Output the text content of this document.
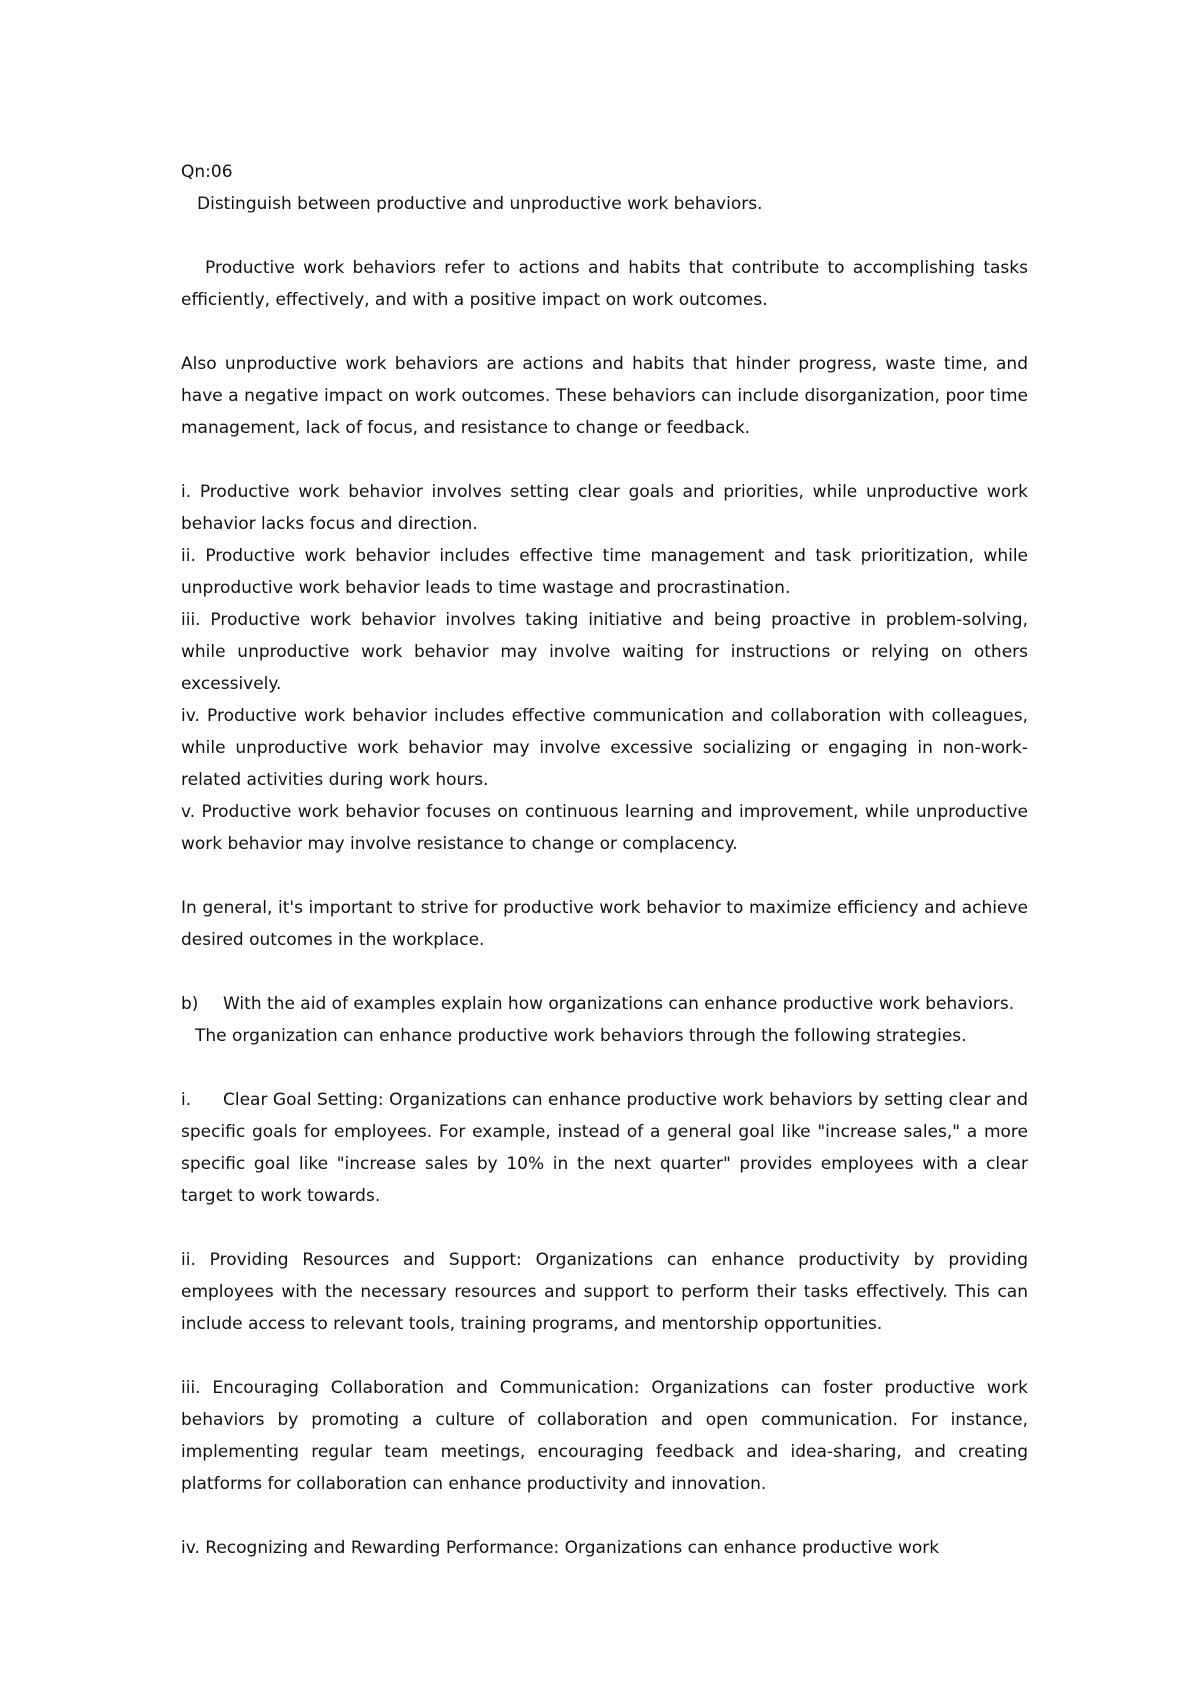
Qn:06

Distinguish between productive and unproductive work behaviors.

Productive work behaviors refer to actions and habits that contribute to accomplishing tasks efficiently, effectively, and with a positive impact on work outcomes.

Also unproductive work behaviors are actions and habits that hinder progress, waste time, and have a negative impact on work outcomes. These behaviors can include disorganization, poor time management, lack of focus, and resistance to change or feedback.

i. Productive work behavior involves setting clear goals and priorities, while unproductive work behavior lacks focus and direction.

ii. Productive work behavior includes effective time management and task prioritization, while unproductive work behavior leads to time wastage and procrastination.

iii. Productive work behavior involves taking initiative and being proactive in problem-solving, while unproductive work behavior may involve waiting for instructions or relying on others excessively.

iv. Productive work behavior includes effective communication and collaboration with colleagues, while unproductive work behavior may involve excessive socializing or engaging in non-work-related activities during work hours.

v. Productive work behavior focuses on continuous learning and improvement, while unproductive work behavior may involve resistance to change or complacency.

In general, it's important to strive for productive work behavior to maximize efficiency and achieve desired outcomes in the workplace.

b) With the aid of examples explain how organizations can enhance productive work behaviors.

The organization can enhance productive work behaviors through the following strategies.

i. Clear Goal Setting: Organizations can enhance productive work behaviors by setting clear and specific goals for employees. For example, instead of a general goal like "increase sales," a more specific goal like "increase sales by 10% in the next quarter" provides employees with a clear target to work towards.

ii. Providing Resources and Support: Organizations can enhance productivity by providing employees with the necessary resources and support to perform their tasks effectively. This can include access to relevant tools, training programs, and mentorship opportunities.

iii. Encouraging Collaboration and Communication: Organizations can foster productive work behaviors by promoting a culture of collaboration and open communication. For instance, implementing regular team meetings, encouraging feedback and idea-sharing, and creating platforms for collaboration can enhance productivity and innovation.

iv. Recognizing and Rewarding Performance: Organizations can enhance productive work
